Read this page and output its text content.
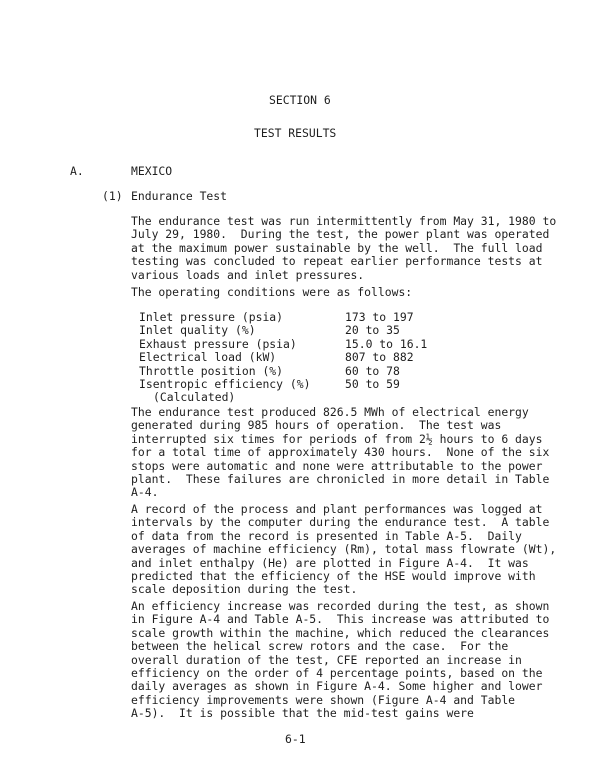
SECTION 6
TEST RESULTS
A.	MEXICO
(1) Endurance Test
The endurance test was run intermittently from May 31, 1980 to
July 29, 1980.  During the test, the power plant was operated
at the maximum power sustainable by the well.  The full load
testing was concluded to repeat earlier performance tests at
various loads and inlet pressures.
The operating conditions were as follows:
Inlet pressure (psia)	173 to 197
Inlet quality (%)	20 to 35
Exhaust pressure (psia)	15.0 to 16.1
Electrical load (kW)	807 to 882
Throttle position (%)	60 to 78
Isentropic efficiency (%)	50 to 59
(Calculated)
The endurance test produced 826.5 MWh of electrical energy
generated during 985 hours of operation.  The test was
interrupted six times for periods of from 2½ hours to 6 days
for a total time of approximately 430 hours.  None of the six
stops were automatic and none were attributable to the power
plant.  These failures are chronicled in more detail in Table
A-4.
A record of the process and plant performances was logged at
intervals by the computer during the endurance test.  A table
of data from the record is presented in Table A-5.  Daily
averages of machine efficiency (Rm), total mass flowrate (Wt),
and inlet enthalpy (He) are plotted in Figure A-4.  It was
predicted that the efficiency of the HSE would improve with
scale deposition during the test.
An efficiency increase was recorded during the test, as shown
in Figure A-4 and Table A-5.  This increase was attributed to
scale growth within the machine, which reduced the clearances
between the helical screw rotors and the case.  For the
overall duration of the test, CFE reported an increase in
efficiency on the order of 4 percentage points, based on the
daily averages as shown in Figure A-4. Some higher and lower
efficiency improvements were shown (Figure A-4 and Table
A-5).  It is possible that the mid-test gains were
6-1
